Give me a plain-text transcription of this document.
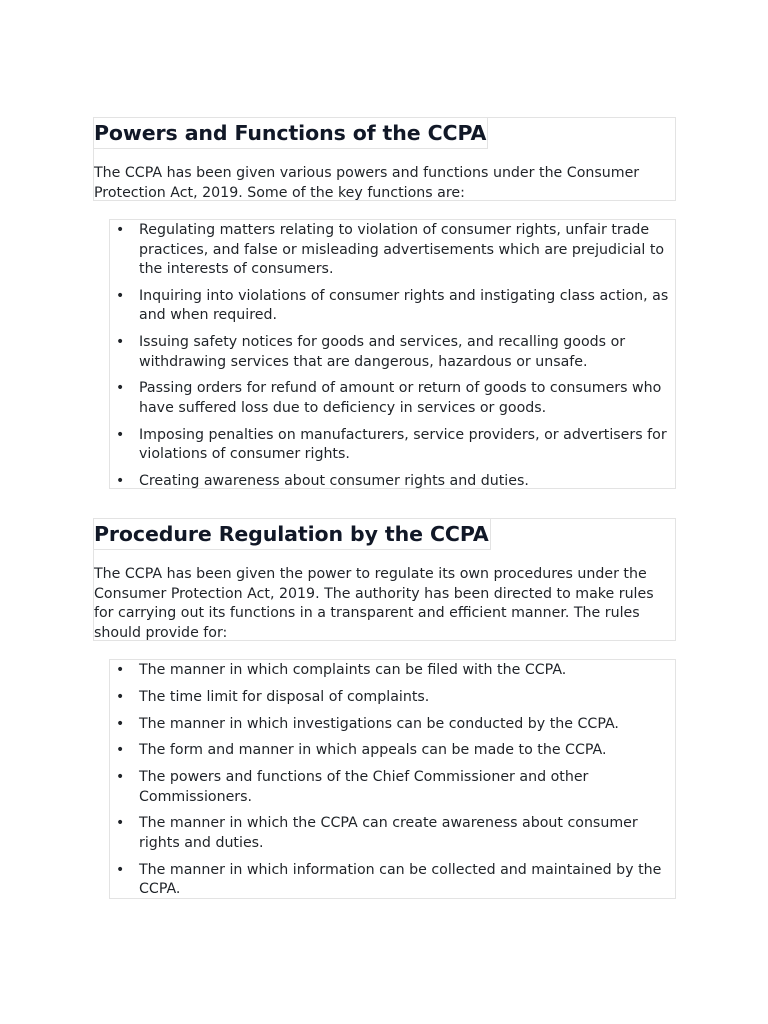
Powers and Functions of the CCPA

The CCPA has been given various powers and functions under the Consumer Protection Act, 2019. Some of the key functions are:

• Regulating matters relating to violation of consumer rights, unfair trade practices, and false or misleading advertisements which are prejudicial to the interests of consumers.
• Inquiring into violations of consumer rights and instigating class action, as and when required.
• Issuing safety notices for goods and services, and recalling goods or withdrawing services that are dangerous, hazardous or unsafe.
• Passing orders for refund of amount or return of goods to consumers who have suffered loss due to deficiency in services or goods.
• Imposing penalties on manufacturers, service providers, or advertisers for violations of consumer rights.
• Creating awareness about consumer rights and duties.
Procedure Regulation by the CCPA

The CCPA has been given the power to regulate its own procedures under the Consumer Protection Act, 2019. The authority has been directed to make rules for carrying out its functions in a transparent and efficient manner. The rules should provide for:

• The manner in which complaints can be filed with the CCPA.
• The time limit for disposal of complaints.
• The manner in which investigations can be conducted by the CCPA.
• The form and manner in which appeals can be made to the CCPA.
• The powers and functions of the Chief Commissioner and other Commissioners.
• The manner in which the CCPA can create awareness about consumer rights and duties.
• The manner in which information can be collected and maintained by the CCPA.
